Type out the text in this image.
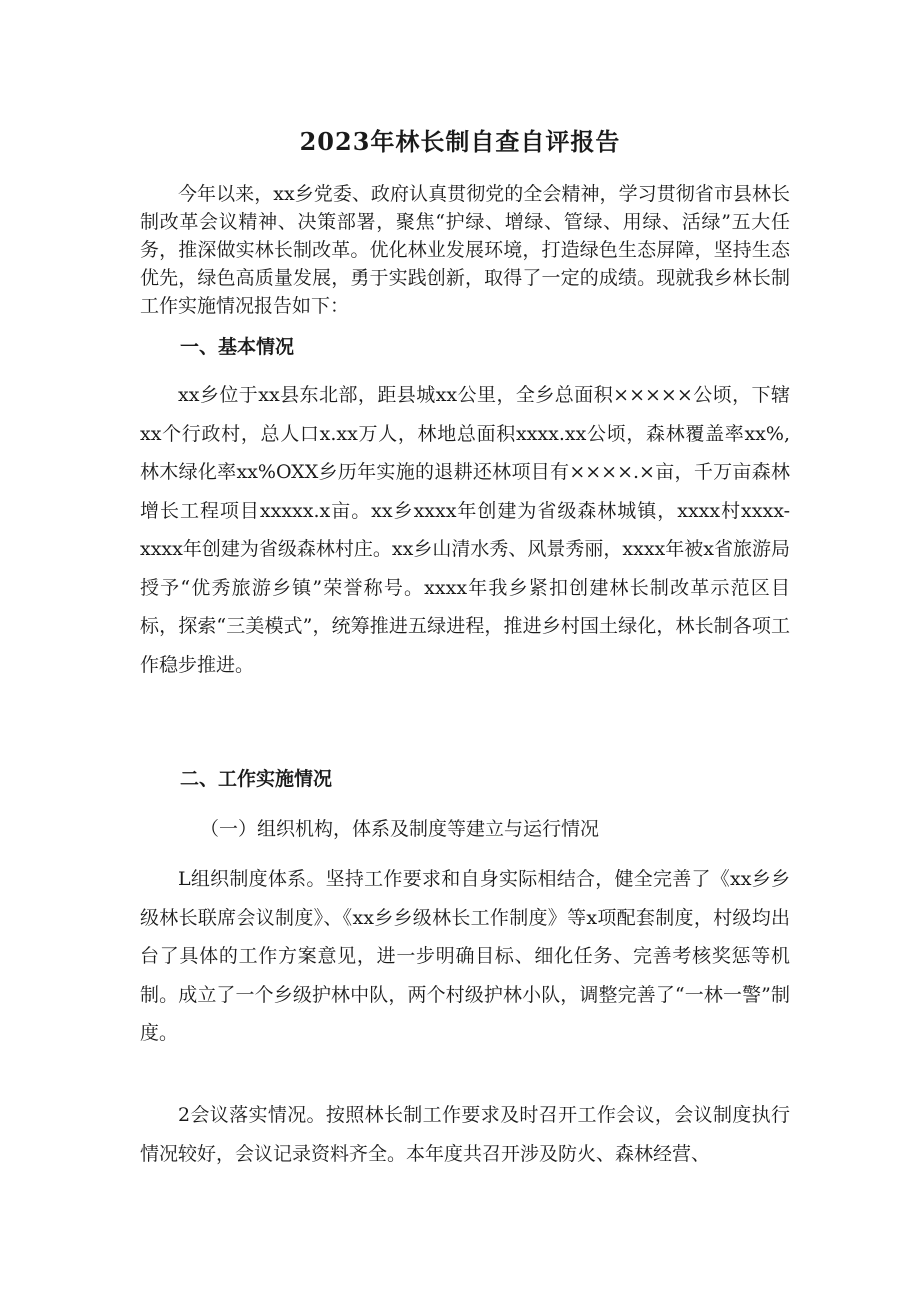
2023年林长制自查自评报告

今年以来，xx乡党委、政府认真贯彻党的全会精神，学习贯彻省市县林长制改革会议精神、决策部署，聚焦“护绿、增绿、管绿、用绿、活绿”五大任务，推深做实林长制改革。优化林业发展环境，打造绿色生态屏障，坚持生态优先，绿色高质量发展，勇于实践创新，取得了一定的成绩。现就我乡林长制工作实施情况报告如下：

一、基本情况

xx乡位于xx县东北部，距县城xx公里，全乡总面积×××××公顷，下辖xx个行政村，总人口x.xx万人，林地总面积xxxx.xx公顷，森林覆盖率xx%,林木绿化率xx%OXX乡历年实施的退耕还林项目有××××.×亩，千万亩森林增长工程项目xxxxx.x亩。xx乡xxxx年创建为省级森林城镇，xxxx村xxxx-xxxx年创建为省级森林村庄。xx乡山清水秀、风景秀丽，xxxx年被x省旅游局授予“优秀旅游乡镇”荣誉称号。xxxx年我乡紧扣创建林长制改革示范区目标，探索“三美模式”，统筹推进五绿进程，推进乡村国土绿化，林长制各项工作稳步推进。

二、工作实施情况

（一）组织机构，体系及制度等建立与运行情况

L组织制度体系。坚持工作要求和自身实际相结合，健全完善了《xx乡乡级林长联席会议制度》、《xx乡乡级林长工作制度》等x项配套制度，村级均出台了具体的工作方案意见，进一步明确目标、细化任务、完善考核奖惩等机制。成立了一个乡级护林中队，两个村级护林小队，调整完善了“一林一警”制度。

2会议落实情况。按照林长制工作要求及时召开工作会议，会议制度执行情况较好，会议记录资料齐全。本年度共召开涉及防火、森林经营、
